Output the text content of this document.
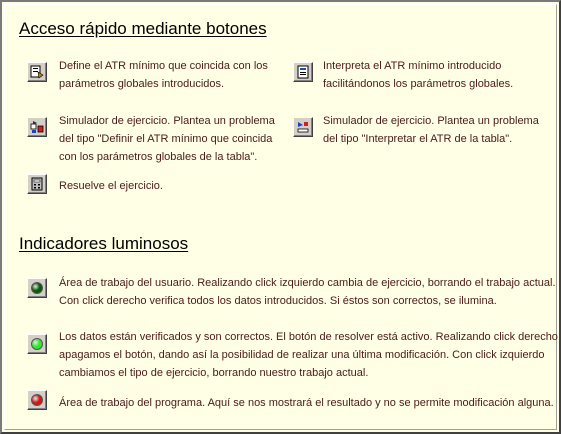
Acceso rápido mediante botones
Define el ATR mínimo que coincida con los
parámetros globales introducidos.
Interpreta el ATR mínimo introducido
facilitándonos los parámetros globales.
Simulador de ejercicio. Plantea un problema
del tipo "Definir el ATR mínimo que coincida
con los parámetros globales de la tabla".
Simulador de ejercicio. Plantea un problema
del tipo "Interpretar el ATR de la tabla".
Resuelve el ejercicio.
Indicadores luminosos
Área de trabajo del usuario. Realizando click izquierdo cambia de ejercicio, borrando el trabajo actual.
Con click derecho verifica todos los datos introducidos. Si éstos son correctos, se ilumina.
Los datos están verificados y son correctos. El botón de resolver está activo. Realizando click derecho
apagamos el botón, dando así la posibilidad de realizar una última modificación. Con click izquierdo
cambiamos el tipo de ejercicio, borrando nuestro trabajo actual.
Área de trabajo del programa. Aquí se nos mostrará el resultado y no se permite modificación alguna.
